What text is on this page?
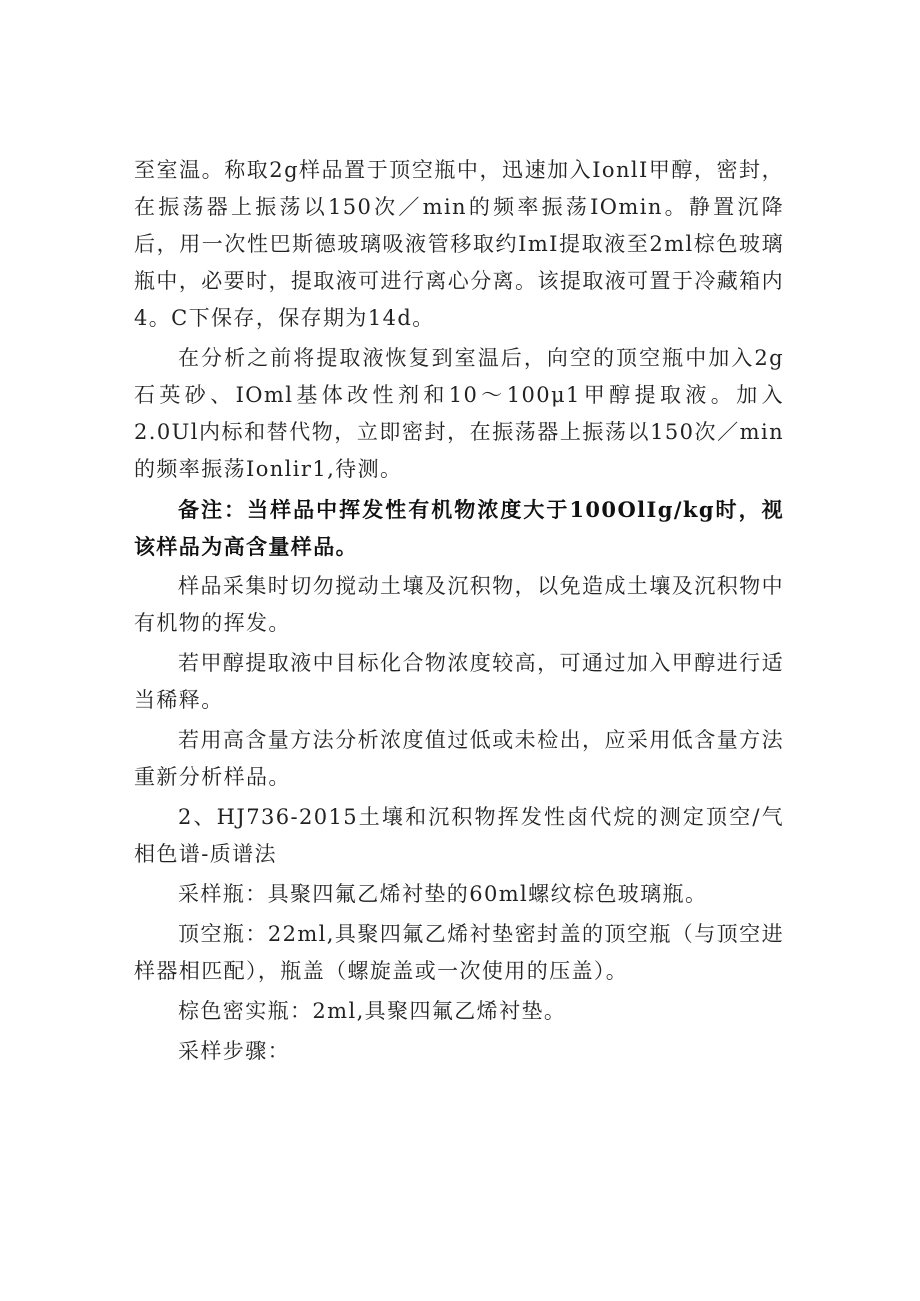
至室温。称取2g样品置于顶空瓶中，迅速加入IonlI甲醇，密封，在振荡器上振荡以150次／min的频率振荡IOmin。静置沉降后，用一次性巴斯德玻璃吸液管移取约ImI提取液至2ml棕色玻璃瓶中，必要时，提取液可进行离心分离。该提取液可置于冷藏箱内4。C下保存，保存期为14d。

在分析之前将提取液恢复到室温后，向空的顶空瓶中加入2g石英砂、IOml基体改性剂和10～100μ1甲醇提取液。加入2.0Ul内标和替代物，立即密封，在振荡器上振荡以150次／min的频率振荡Ionlir1,待测。

备注：当样品中挥发性有机物浓度大于100OlIg/kg时，视该样品为高含量样品。

样品采集时切勿搅动土壤及沉积物，以免造成土壤及沉积物中有机物的挥发。

若甲醇提取液中目标化合物浓度较高，可通过加入甲醇进行适当稀释。

若用高含量方法分析浓度值过低或未检出，应采用低含量方法重新分析样品。

2、HJ736-2015土壤和沉积物挥发性卤代烷的测定顶空/气相色谱-质谱法

采样瓶：具聚四氟乙烯衬垫的60ml螺纹棕色玻璃瓶。

顶空瓶：22ml,具聚四氟乙烯衬垫密封盖的顶空瓶（与顶空进样器相匹配），瓶盖（螺旋盖或一次使用的压盖）。

棕色密实瓶：2ml,具聚四氟乙烯衬垫。

采样步骤：
